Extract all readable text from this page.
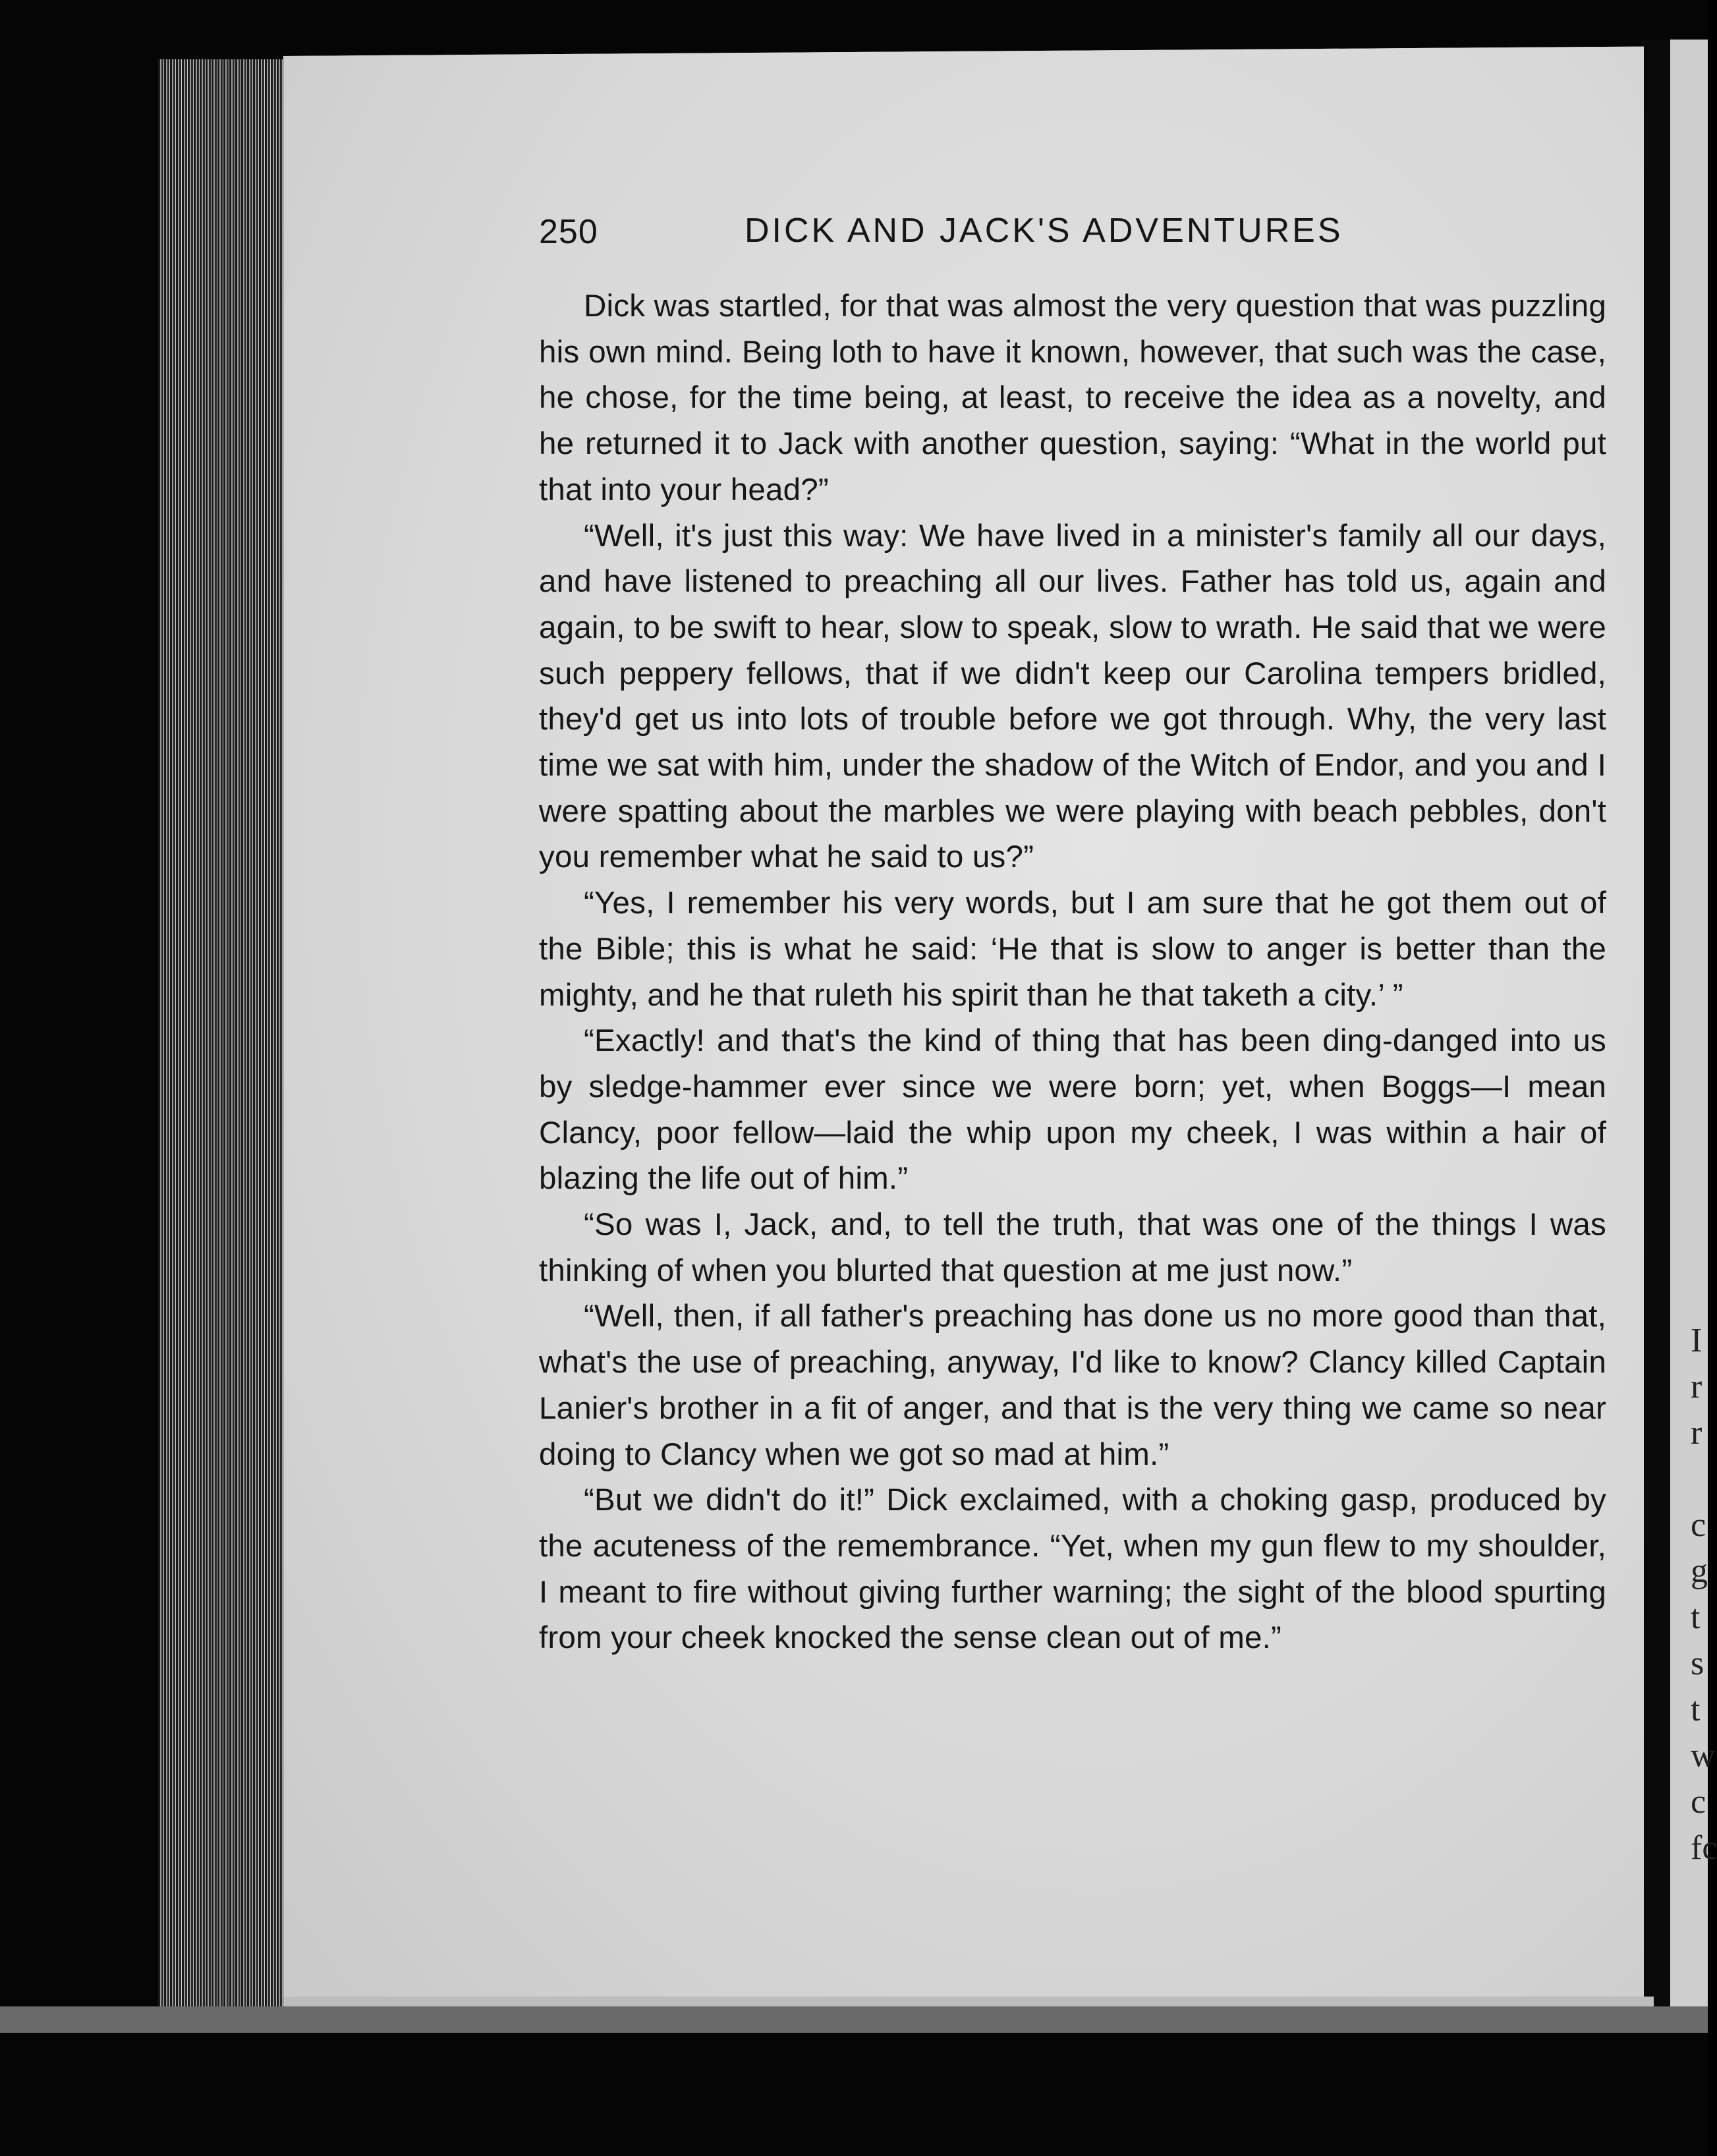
I
r
r

c
g
t
s
t
w
c
fc
250	DICK AND JACK'S ADVENTURES

Dick was startled, for that was almost the very question that was puzzling his own mind. Being loth to have it known, however, that such was the case, he chose, for the time being, at least, to receive the idea as a novelty, and he returned it to Jack with another question, saying: “What in the world put that into your head?”

“Well, it's just this way: We have lived in a minister's family all our days, and have listened to preaching all our lives. Father has told us, again and again, to be swift to hear, slow to speak, slow to wrath. He said that we were such peppery fellows, that if we didn't keep our Carolina tempers bridled, they'd get us into lots of trouble before we got through. Why, the very last time we sat with him, under the shadow of the Witch of Endor, and you and I were spatting about the marbles we were playing with beach pebbles, don't you remember what he said to us?”

“Yes, I remember his very words, but I am sure that he got them out of the Bible; this is what he said: ‘He that is slow to anger is better than the mighty, and he that ruleth his spirit than he that taketh a city.’ ”

“Exactly! and that's the kind of thing that has been ding-danged into us by sledge-hammer ever since we were born; yet, when Boggs—I mean Clancy, poor fellow—laid the whip upon my cheek, I was within a hair of blazing the life out of him.”

“So was I, Jack, and, to tell the truth, that was one of the things I was thinking of when you blurted that question at me just now.”

“Well, then, if all father's preaching has done us no more good than that, what's the use of preaching, anyway, I'd like to know? Clancy killed Captain Lanier's brother in a fit of anger, and that is the very thing we came so near doing to Clancy when we got so mad at him.”

“But we didn't do it!” Dick exclaimed, with a choking gasp, produced by the acuteness of the remembrance. “Yet, when my gun flew to my shoulder, I meant to fire without giving further warning; the sight of the blood spurting from your cheek knocked the sense clean out of me.”
